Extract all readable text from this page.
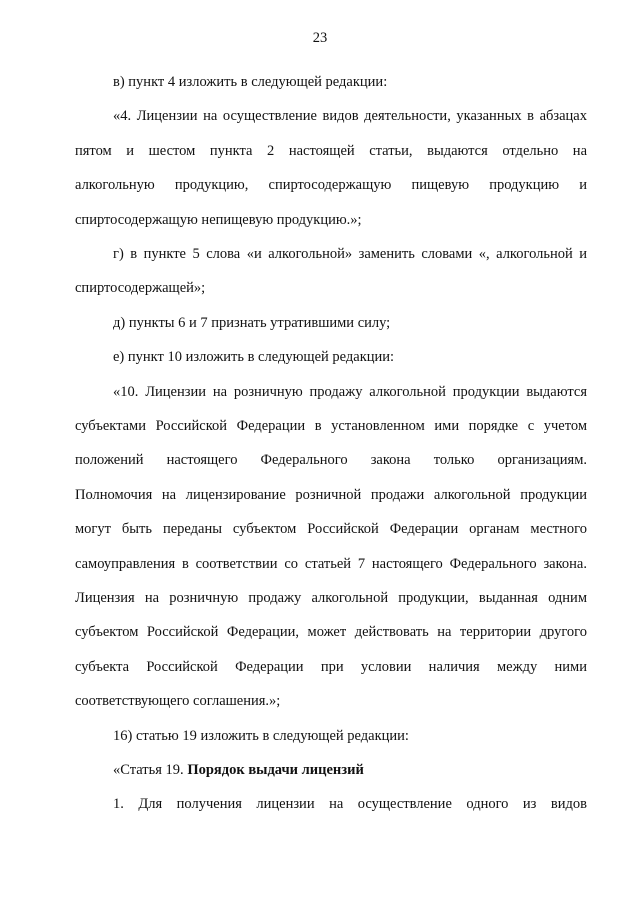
23
в) пункт 4 изложить в следующей редакции:
«4. Лицензии на осуществление видов деятельности, указанных в абзацах
пятом и шестом пункта 2 настоящей статьи, выдаются отдельно на
алкогольную продукцию, спиртосодержащую пищевую продукцию и
спиртосодержащую непищевую продукцию.»;
г) в пункте 5 слова «и алкогольной» заменить словами «, алкогольной и
спиртосодержащей»;
д) пункты 6 и 7 признать утратившими силу;
е) пункт 10 изложить в следующей редакции:
«10. Лицензии на розничную продажу алкогольной продукции выдаются
субъектами Российской Федерации в установленном ими порядке с учетом
положений настоящего Федерального закона только организациям.
Полномочия на лицензирование розничной продажи алкогольной продукции
могут быть переданы субъектом Российской Федерации органам местного
самоуправления в соответствии со статьей 7 настоящего Федерального закона.
Лицензия на розничную продажу алкогольной продукции, выданная одним
субъектом Российской Федерации, может действовать на территории другого
субъекта Российской Федерации при условии наличия между ними
соответствующего соглашения.»;
16) статью 19 изложить в следующей редакции:
«Статья 19. Порядок выдачи лицензий
1. Для получения лицензии на осуществление одного из видов
